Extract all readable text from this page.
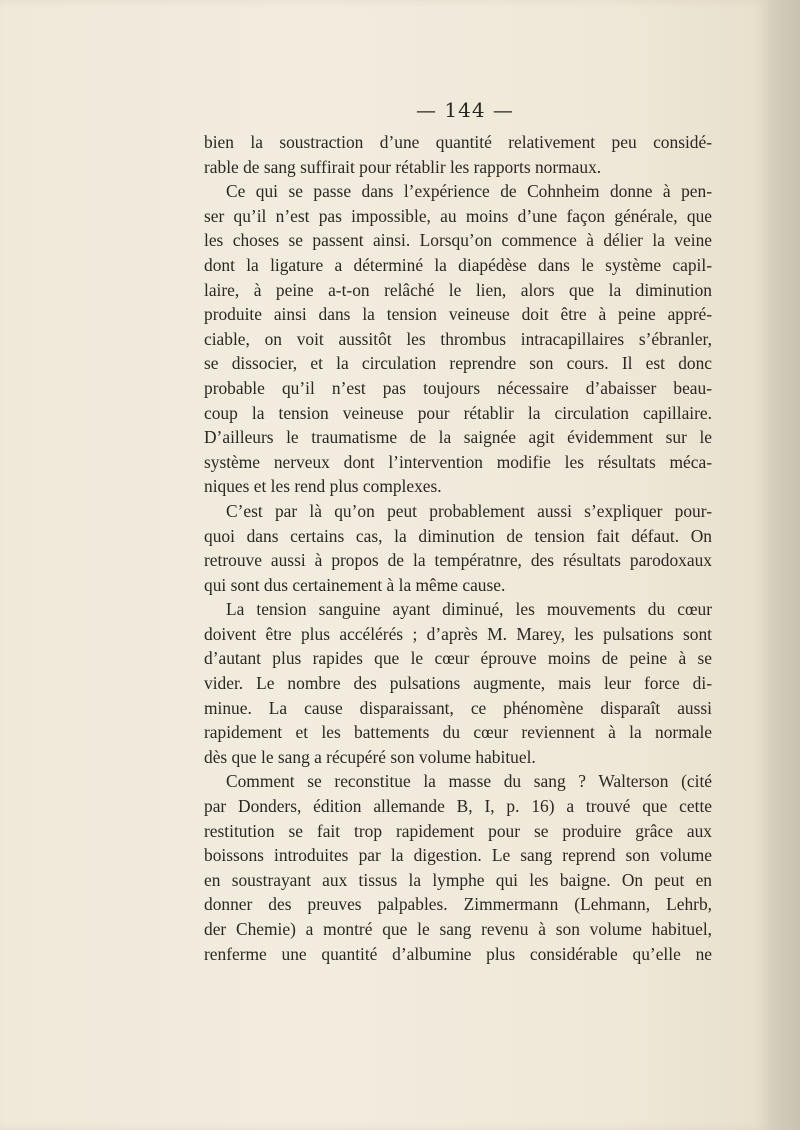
— 144 —
bien la soustraction d’une quantité relativement peu considé-
rable de sang suffirait pour rétablir les rapports normaux.
Ce qui se passe dans l’expérience de Cohnheim donne à pen-
ser qu’il n’est pas impossible, au moins d’une façon générale, que
les choses se passent ainsi. Lorsqu’on commence à délier la veine
dont la ligature a déterminé la diapédèse dans le système capil-
laire, à peine a-t-on relâché le lien, alors que la diminution
produite ainsi dans la tension veineuse doit être à peine appré-
ciable, on voit aussitôt les thrombus intracapillaires s’ébranler,
se dissocier, et la circulation reprendre son cours. Il est donc
probable qu’il n’est pas toujours nécessaire d’abaisser beau-
coup la tension veineuse pour rétablir la circulation capillaire.
D’ailleurs le traumatisme de la saignée agit évidemment sur le
système nerveux dont l’intervention modifie les résultats méca-
niques et les rend plus complexes.
C’est par là qu’on peut probablement aussi s’expliquer pour-
quoi dans certains cas, la diminution de tension fait défaut. On
retrouve aussi à propos de la températnre, des résultats parodoxaux
qui sont dus certainement à la même cause.
La tension sanguine ayant diminué, les mouvements du cœur
doivent être plus accélérés ; d’après M. Marey, les pulsations sont
d’autant plus rapides que le cœur éprouve moins de peine à se
vider. Le nombre des pulsations augmente, mais leur force di-
minue. La cause disparaissant, ce phénomène disparaît aussi
rapidement et les battements du cœur reviennent à la normale
dès que le sang a récupéré son volume habituel.
Comment se reconstitue la masse du sang ? Walterson (cité
par Donders, édition allemande B, I, p. 16) a trouvé que cette
restitution se fait trop rapidement pour se produire grâce aux
boissons introduites par la digestion. Le sang reprend son volume
en soustrayant aux tissus la lymphe qui les baigne. On peut en
donner des preuves palpables. Zimmermann (Lehmann, Lehrb,
der Chemie) a montré que le sang revenu à son volume habituel,
renferme une quantité d’albumine plus considérable qu’elle ne
